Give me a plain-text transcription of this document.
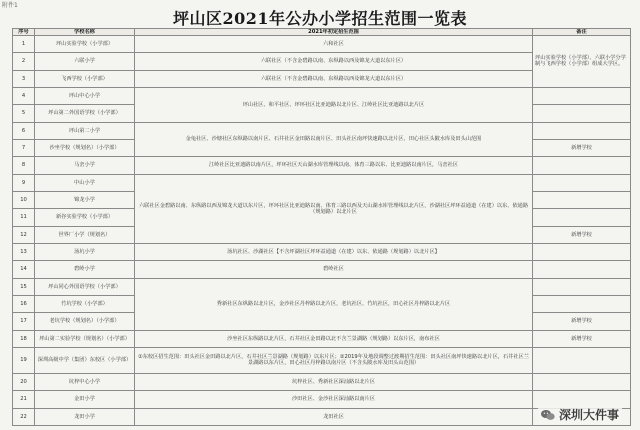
附件1
坪山区2021年公办小学招生范围一览表
序号	学校名称	2021年初定招生范围	备注
1	坪山实验学校（小学部）	六和社区	坪山实验学校（小学部）、六联小学分学制与飞西学校（小学部）组成大学区。
2	六联小学	六联社区（不含金碧路以南、东纵路以西及锦龙大道以东片区）	
3	飞西学校（小学部）	六联社区（不含金碧路以南、东纵路以西及锦龙大道以东片区）	
4	坪山中心小学	坪山社区、和平社区、坪环社区比亚迪路以北片区、江岭社区比亚迪路以北片区	
5	坪山第二外国语学校（小学部）		
6	坪山第二小学	金龟社区、沙塘社区东纵路以南片区、石井社区金田路以南片区、田头社区南坪快速路以北片区、田心社区头陂水库及田头山范围	
7	沙坐学校（规划名）（小学部）		新增学校
8	马峦小学	江岭社区比亚迪路以南片区，坪环社区天山湖水库管理线以南、体育三路以东、比亚迪路以南片区，马峦社区	
9	中山小学	六联社区金碧路以南、东纵路以西及锦龙大道以东片区，坪环社区比亚迪路以南、体育三路以西及天山湖水库管理线以北片区，沙湖社区坪环益通道（在建）以东、依通路（规划路）以北片区	
10	锦龙小学		
11	新谷实验学校（小学部）		
12	世界厂小学（规划名）		新增学校
13	汤坑小学	汤坑社区、沙湖社区【不含坪湖社区坪环益通道（在建）以东、依通路（规划路）以北片区】	
14	碧岭小学	碧岭社区	
15	坪山同心外国语学校（小学部）	秀新社区东纵路以北片区，金沙社区丹梓路以北片区，老坑社区、竹坑社区，田心社区丹梓路以北片区	
16	竹坑学校（小学部）		
17	老坑学校（规划名）（小学部）		新增学校
18	坪山第二实验学校（规划名）（小学部）	沙坐社区东纵路以北片区，石井社区金田路以北不含兰景湖路（规划路）以东片区，南布社区	新增学校
19	深圳高级中学（集团）东校区（小学部）	①东校区招生范围：田头社区金田路以北片区，石井社区兰景湖路（规划路）以东片区；②2019年及地段调整过渡期招生范围：田头社区南坪快速路以北片区，石井社区兰景湖路以东片区，田心社区丹梓路以南片区（不含头陂水库及田头山范围）	
20	坑梓中心小学	坑梓社区、秀新社区深汕路以北片区	
21	金田小学	沙田社区、金沙社区深汕路以南片区	
22	龙田小学	龙田社区		深圳大件事
